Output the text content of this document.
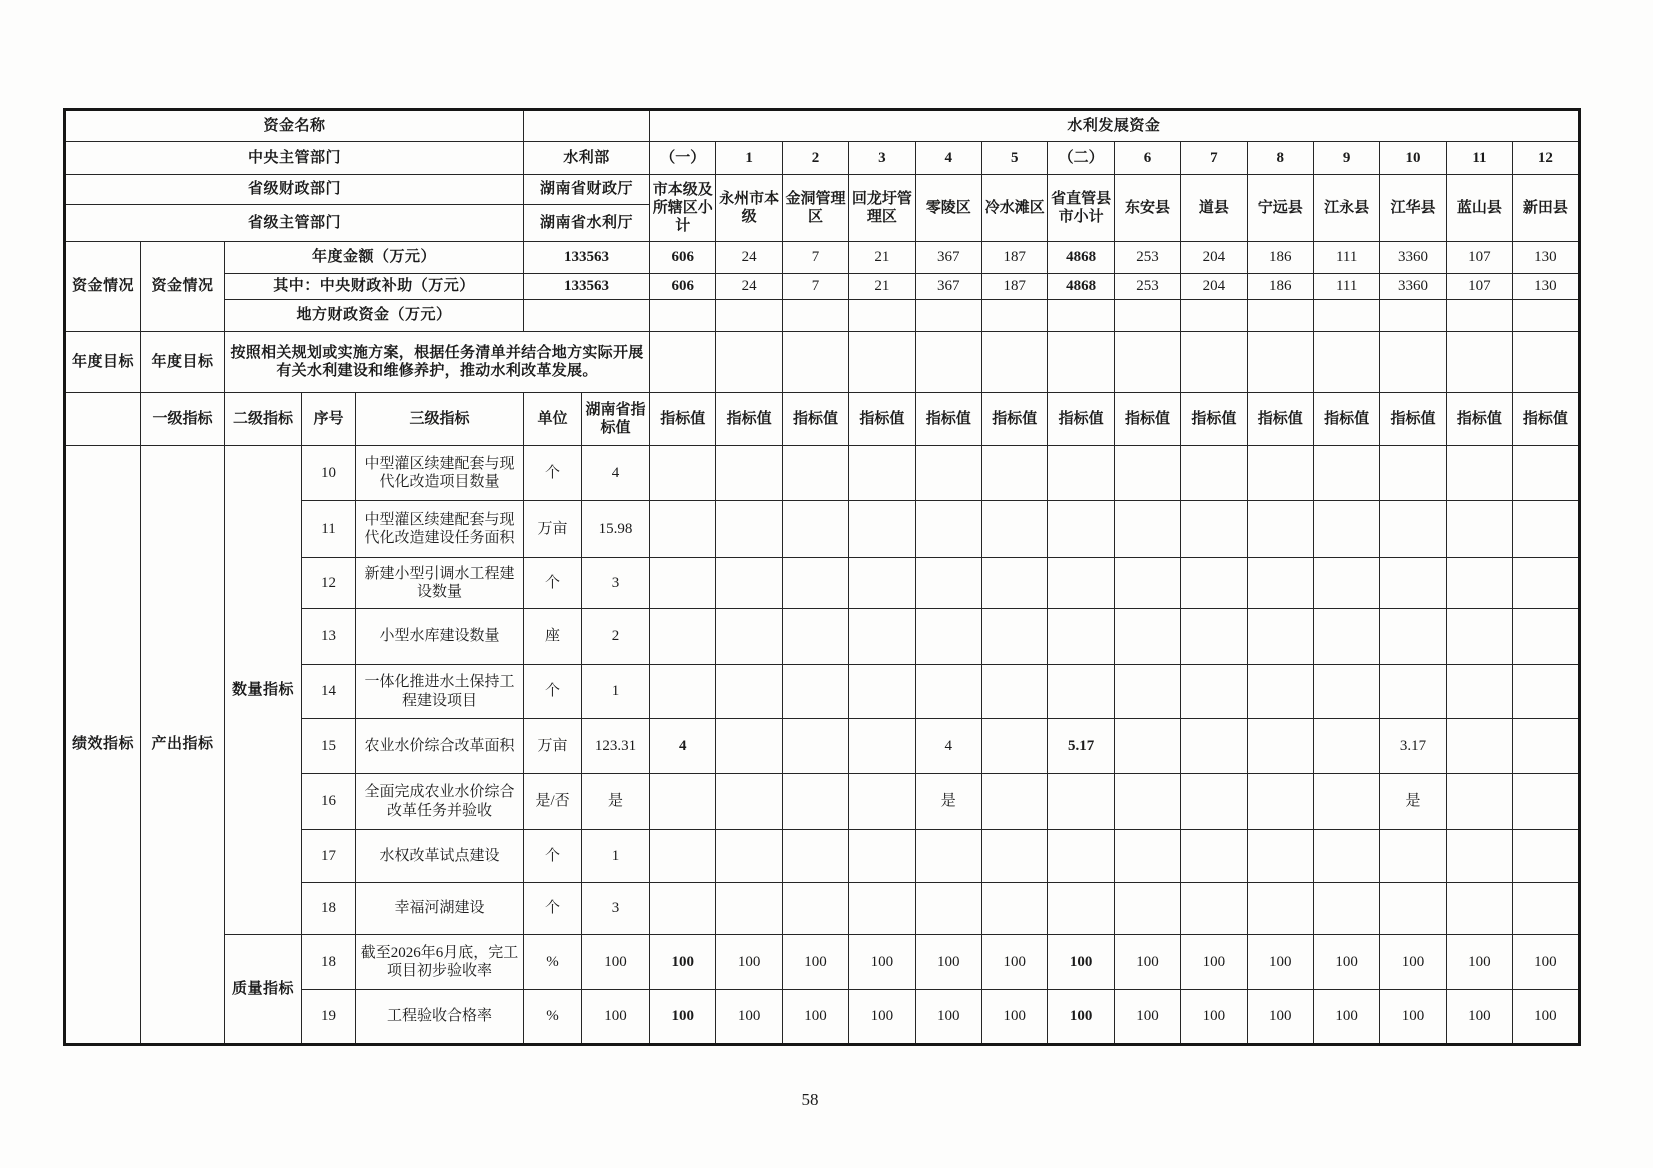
资金名称							水利发展资金													
中央主管部门					水利部		（一）	1	2	3	4	5	（二）	6	7	8	9	10	11	12
省级财政部门					湖南省财政厅		市本级及所辖区小计	永州市本级	金洞管理区	回龙圩管理区	零陵区	冷水滩区	省直管县市小计	东安县	道县	宁远县	江永县	江华县	蓝山县	新田县
省级主管部门					湖南省水利厅															
资金情况	资金情况	年度金额（万元）			133563		606	24	7	21	367	187	4868	253	204	186	111	3360	107	130
		其中：中央财政补助（万元）			133563		606	24	7	21	367	187	4868	253	204	186	111	3360	107	130
		地方财政资金（万元）																		
年度目标	年度目标	按照相关规划或实施方案，根据任务清单并结合地方实际开展有关水利建设和维修养护，推动水利改革发展。																		
	一级指标	二级指标	序号	三级指标	单位	湖南省指标值	指标值	指标值	指标值	指标值	指标值	指标值	指标值	指标值	指标值	指标值	指标值	指标值	指标值	指标值
绩效指标	产出指标	数量指标	10	中型灌区续建配套与现代化改造项目数量	个	4														
			11	中型灌区续建配套与现代化改造建设任务面积	万亩	15.98														
			12	新建小型引调水工程建设数量	个	3														
			13	小型水库建设数量	座	2														
			14	一体化推进水土保持工程建设项目	个	1														
			15	农业水价综合改革面积	万亩	123.31	4				4		5.17					3.17		
			16	全面完成农业水价综合改革任务并验收	是/否	是					是							是		
			17	水权改革试点建设	个	1														
			18	幸福河湖建设	个	3														
		质量指标	18	截至2026年6月底，完工项目初步验收率	%	100	100	100	100	100	100	100	100	100	100	100	100	100	100	100
			19	工程验收合格率	%	100	100	100	100	100	100	100	100	100	100	100	100	100	100	100
58
